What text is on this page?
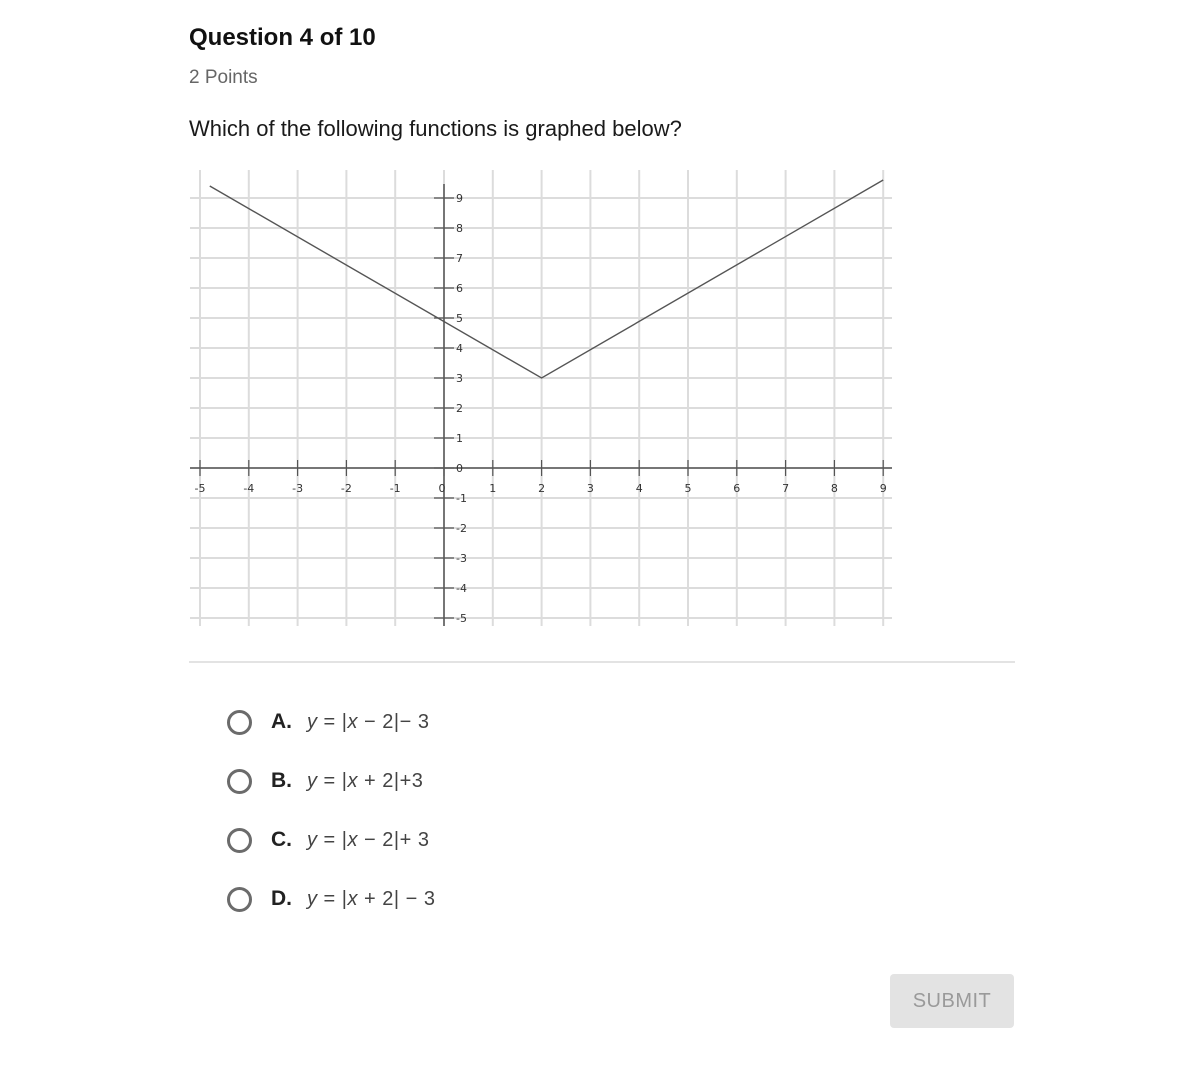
Question 4 of 10
2 Points
Which of the following functions is graphed below?
-5	-4	-3	-2	-1	0	1	2	3	4	5	6	7	8	9
9
8
7
6
5
4
3
2
1
0
-1
-2
-3
-4
-5
A. y = |x − 2|− 3
B. y = |x + 2|+3
C. y = |x − 2|+ 3
D. y = |x + 2| − 3
SUBMIT
